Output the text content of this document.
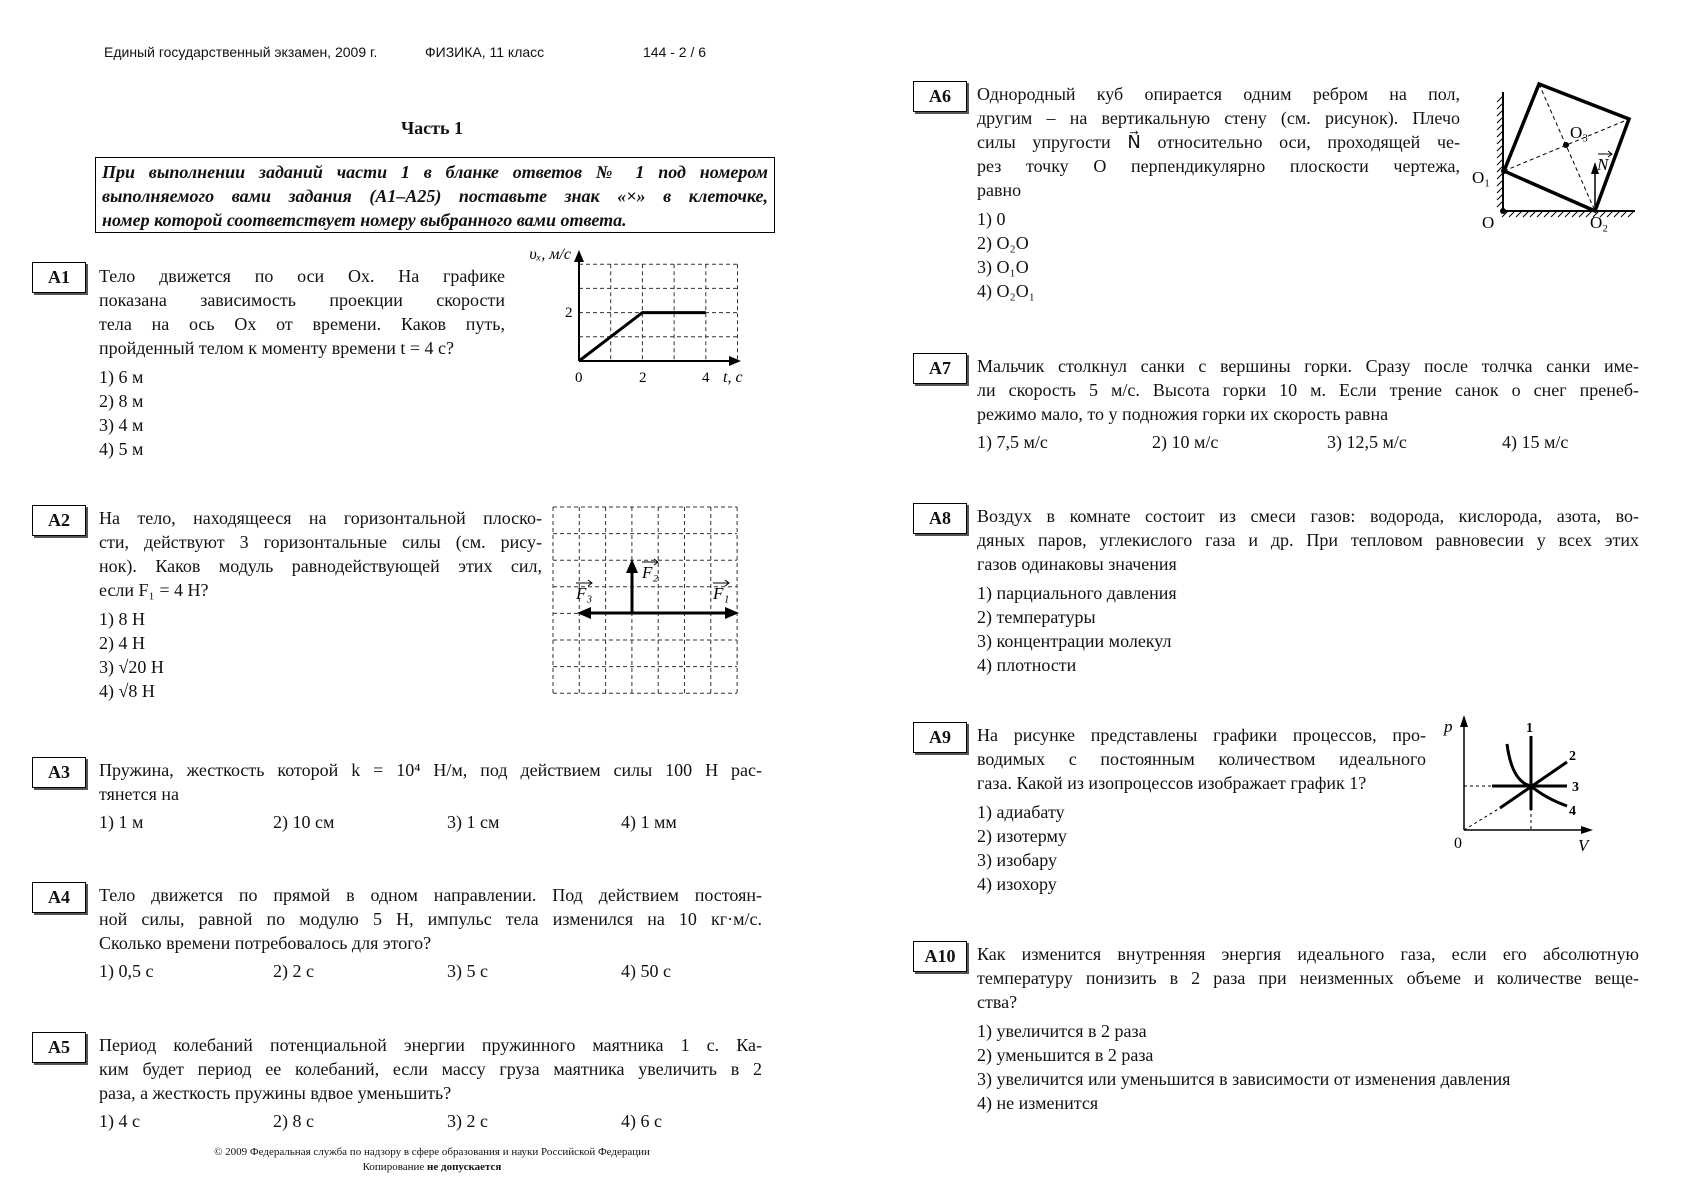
Единый государственный экзамен, 2009 г.	ФИЗИКА, 11 класс	144 - 2 / 6
Часть 1
При выполнении заданий части 1 в бланке ответов № 1 под номером
выполняемого вами задания (А1–А25) поставьте знак «×» в клеточке,
номер которой соответствует номеру выбранного вами ответа.
А1	Тело движется по оси Ox. На графике
показана зависимость проекции скорости
тела на ось Ox от времени. Каков путь,
пройденный телом к моменту времени t = 4 с?
1) 6 м
2) 8 м
3) 4 м
4) 5 м
А2	На тело, находящееся на горизонтальной плоско-
сти, действуют 3 горизонтальные силы (см. рису-
нок). Каков модуль равнодействующей этих сил,
если F₁ = 4 Н?
1) 8 Н
2) 4 Н
3) √20 Н
4) √8 Н
А3	Пружина, жесткость которой k = 10⁴ Н/м, под действием силы 100 Н рас-
тянется на
1) 1 м	2) 10 см	3) 1 см	4) 1 мм
А4	Тело движется по прямой в одном направлении. Под действием постоян-
ной силы, равной по модулю 5 Н, импульс тела изменился на 10 кг·м/с.
Сколько времени потребовалось для этого?
1) 0,5 с	2) 2 с	3) 5 с	4) 50 с
А5	Период колебаний потенциальной энергии пружинного маятника 1 с. Ка-
ким будет период ее колебаний, если массу груза маятника увеличить в 2
раза, а жесткость пружины вдвое уменьшить?
1) 4 с	2) 8 с	3) 2 с	4) 6 с
А6	Однородный куб опирается одним ребром на пол,
другим – на вертикальную стену (см. рисунок). Плечо
силы упругости N⃗ относительно оси, проходящей че-
рез точку O перпендикулярно плоскости чертежа,
равно
1) 0
2) O₂O
3) O₁O
4) O₂O₁
А7	Мальчик столкнул санки с вершины горки. Сразу после толчка санки име-
ли скорость 5 м/с. Высота горки 10 м. Если трение санок о снег пренеб-
режимо мало, то у подножия горки их скорость равна
1) 7,5 м/с	2) 10 м/с	3) 12,5 м/с	4) 15 м/с
А8	Воздух в комнате состоит из смеси газов: водорода, кислорода, азота, во-
дяных паров, углекислого газа и др. При тепловом равновесии у всех этих
газов одинаковы значения
1) парциального давления
2) температуры
3) концентрации молекул
4) плотности
А9	На рисунке представлены графики процессов, про-
водимых с постоянным количеством идеального
газа. Какой из изопроцессов изображает график 1?
1) адиабату
2) изотерму
3) изобару
4) изохору
А10	Как изменится внутренняя энергия идеального газа, если его абсолютную
температуру понизить в 2 раза при неизменных объеме и количестве веще-
ства?
1) увеличится в 2 раза
2) уменьшится в 2 раза
3) увеличится или уменьшится в зависимости от изменения давления
4) не изменится
υₓ, м/с
2
0	2	4 t, с
F₃
F₂
F₁
O₃
N
O₁
O	O₂
p
V
0
1
2
3
4
© 2009 Федеральная служба по надзору в сфере образования и науки Российской Федерации
Копирование не допускается
